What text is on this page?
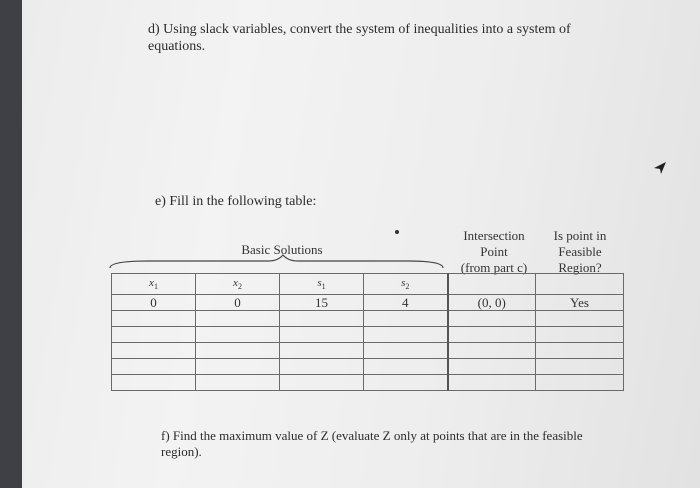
d) Using slack variables, convert the system of inequalities into a system of equations.
e) Fill in the following table:
Basic Solutions
Intersection
Point
(from part c)
Is point in
Feasible
Region?
$x_1$	$x_2$	$s_1$	$s_2$		
0	0	15	4	(0, 0)	Yes

f) Find the maximum value of Z (evaluate Z only at points that are in the feasible region).
